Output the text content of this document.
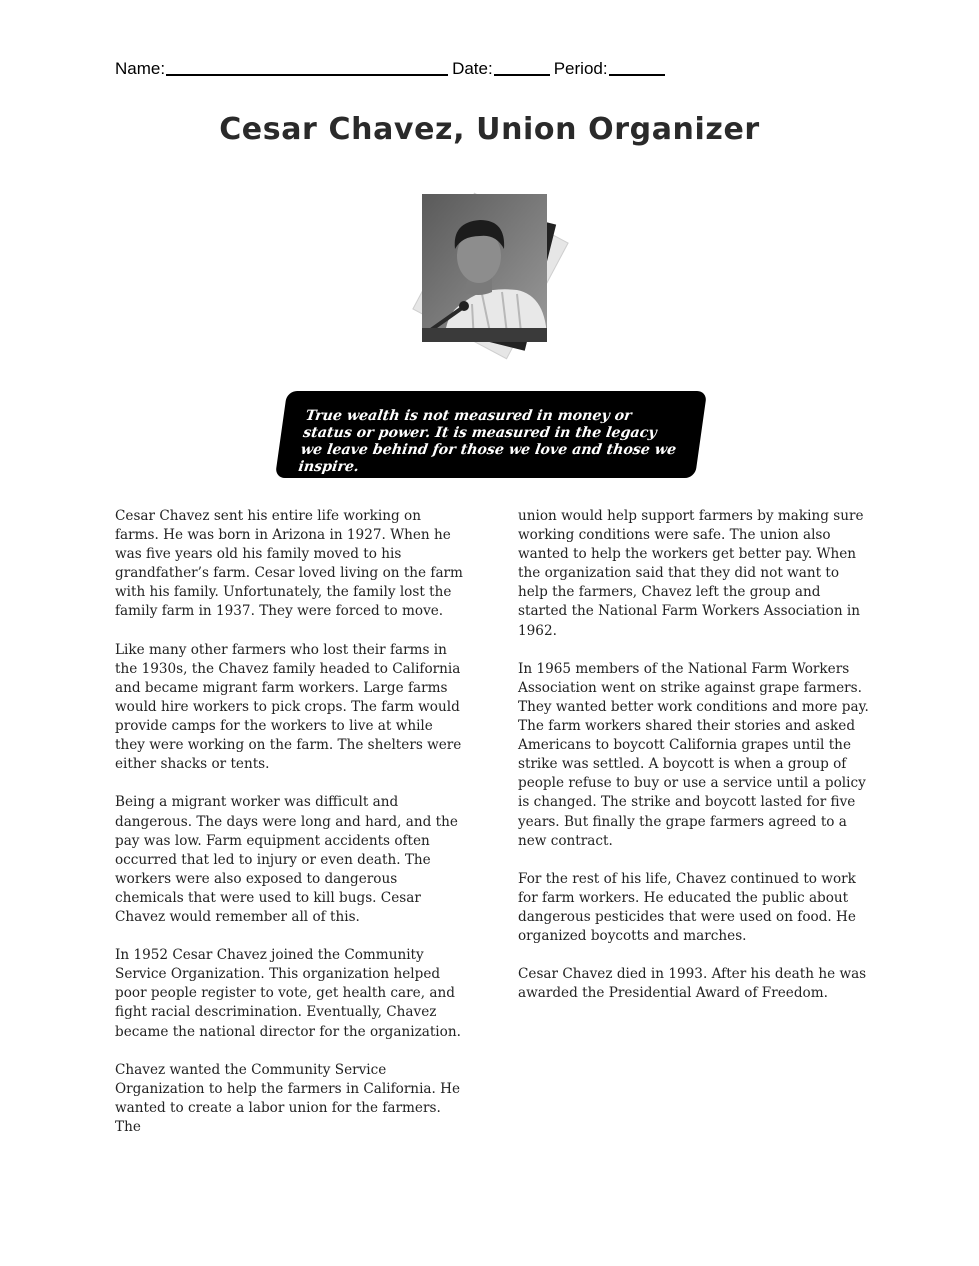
Name:	Date:	Period:
Cesar Chavez, Union Organizer
True wealth is not measured in money or status or power. It is measured in the legacy we leave behind for those we love and those we inspire.

Cesar Chavez sent his entire life working on farms. He was born in Arizona in 1927. When he was five years old his family moved to his grandfather’s farm. Cesar loved living on the farm with his family. Unfortunately, the family lost the family farm in 1937. They were forced to move.

Like many other farmers who lost their farms in the 1930s, the Chavez family headed to California and became migrant farm workers. Large farms would hire workers to pick crops. The farm would provide camps for the workers to live at while they were working on the farm. The shelters were either shacks or tents.

Being a migrant worker was difficult and dangerous. The days were long and hard, and the pay was low. Farm equipment accidents often occurred that led to injury or even death. The workers were also exposed to dangerous chemicals that were used to kill bugs. Cesar Chavez would remember all of this.

In 1952 Cesar Chavez joined the Community Service Organization. This organization helped poor people register to vote, get health care, and fight racial descrimination. Eventually, Chavez became the national director for the organization.

Chavez wanted the Community Service Organization to help the farmers in California. He wanted to create a labor union for the farmers. The

union would help support farmers by making sure working conditions were safe. The union also wanted to help the workers get better pay. When the organization said that they did not want to help the farmers, Chavez left the group and started the National Farm Workers Association in 1962.

In 1965 members of the National Farm Workers Association went on strike against grape farmers. They wanted better work conditions and more pay. The farm workers shared their stories and asked Americans to boycott California grapes until the strike was settled. A boycott is when a group of people refuse to buy or use a service until a policy is changed. The strike and boycott lasted for five years. But finally the grape farmers agreed to a new contract.

For the rest of his life, Chavez continued to work for farm workers. He educated the public about dangerous pesticides that were used on food. He organized boycotts and marches.

Cesar Chavez died in 1993. After his death he was awarded the Presidential Award of Freedom.
